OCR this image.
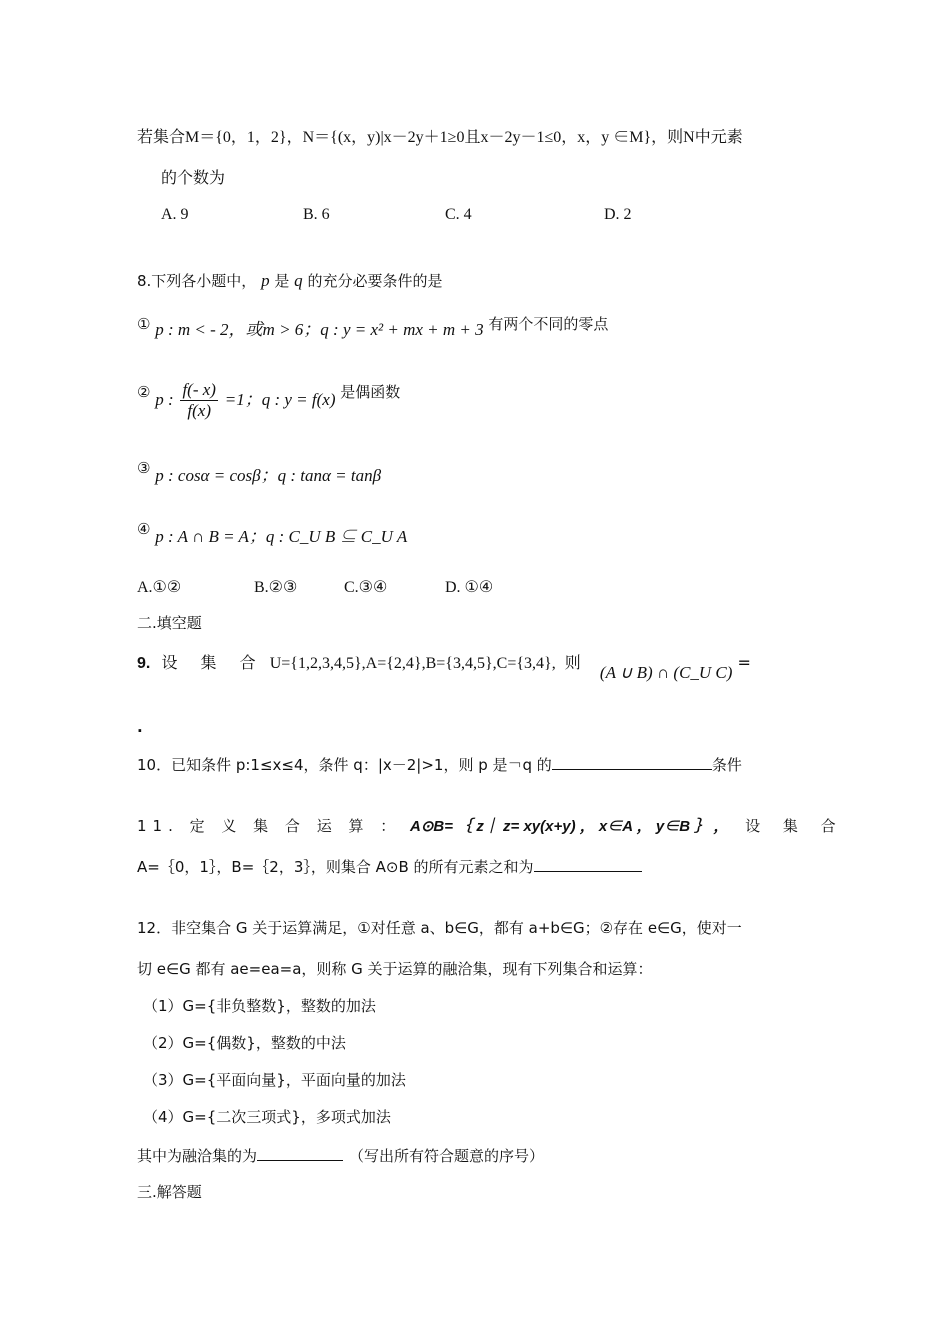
若集合M＝{0，1，2}，N＝{(x，y)|x－2y＋1≥0且x－2y－1≤0，x，y ∈M}，则N中元素
的个数为
A. 9	B. 6	C. 4	D. 2
8.下列各小题中， p 是 q 的充分必要条件的是
① p : m < - 2，或m > 6；q : y = x² + mx + m + 3 有两个不同的零点
② p : $\frac{f(- x)}{f(x)} =1$；q : y = f(x) 是偶函数
③ p : cosα = cosβ；q : tanα = tanβ
④ p : A ∩ B = A；q : C_U B ⊆ C_U A
A.①②	B.②③	C.③④	D. ①④
二.填空题
9. 设 集 合 U={1,2,3,4,5},A={2,4},B={3,4,5},C={3,4}, 则 (A ∪ B) ∩ (C_U C) =
.
10．已知条件 p:1≤x≤4，条件 q：|x－2|>1，则 p 是￢q 的	条件
11. 定 义 集 合 运 算 ： A⊙B= ｛ z｜ z= xy(x+y) ， x∈A ， y∈B ｝ ， 设 集 合
A=｛0，1｝，B=｛2，3｝，则集合 A⊙B 的所有元素之和为
12．非空集合 G 关于运算满足，①对任意 a、b∈G，都有 a+b∈G；②存在 e∈G，使对一
切 e∈G 都有 ae=ea=a，则称 G 关于运算的融洽集，现有下列集合和运算：
（1）G={非负整数}，整数的加法
（2）G={偶数}，整数的中法
（3）G={平面向量}，平面向量的加法
（4）G={二次三项式}，多项式加法
其中为融洽集的为	（写出所有符合题意的序号）
三.解答题
